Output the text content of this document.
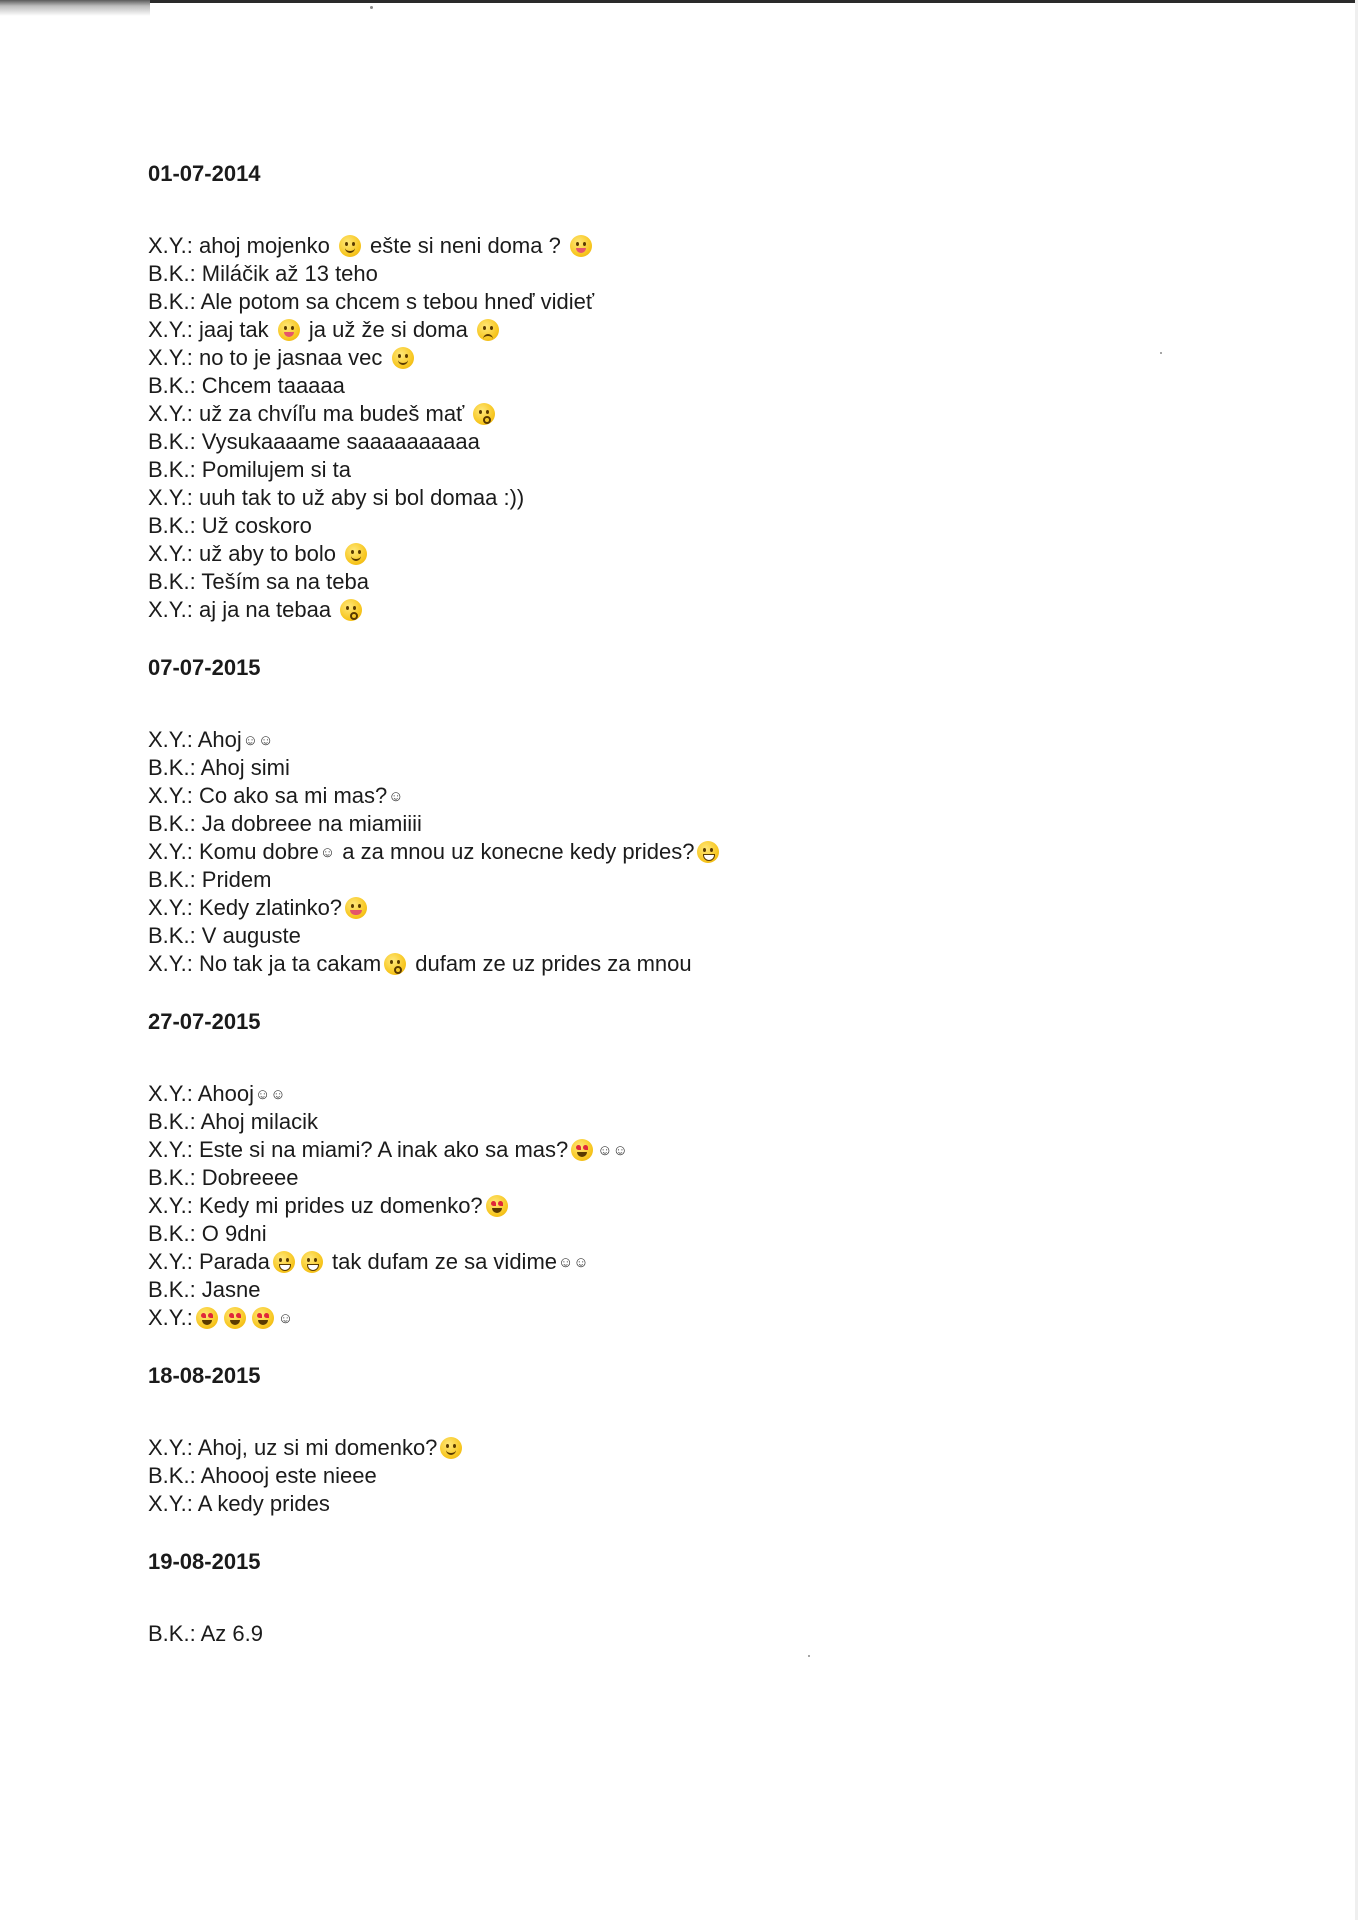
01-07-2014
X.Y.: ahoj mojenko  ešte si neni doma ?
B.K.: Miláčik až 13 teho
B.K.: Ale potom sa chcem s tebou hneď vidieť
X.Y.: jaaj tak  ja už že si doma
X.Y.: no to je jasnaa vec
B.K.: Chcem taaaaa
X.Y.: už za chvíľu ma budeš mať
B.K.: Vysukaaaame saaaaaaaaaa
B.K.: Pomilujem si ta
X.Y.: uuh tak to už aby si bol domaa :))
B.K.: Už coskoro
X.Y.: už aby to bolo
B.K.: Teším sa na teba
X.Y.: aj ja na tebaa
07-07-2015
X.Y.: Ahoj☺☺
B.K.: Ahoj simi
X.Y.: Co ako sa mi mas?☺
B.K.: Ja dobreee na miamiiii
X.Y.: Komu dobre☺ a za mnou uz konecne kedy prides?
B.K.: Pridem
X.Y.: Kedy zlatinko?
B.K.: V auguste
X.Y.: No tak ja ta cakam dufam ze uz prides za mnou
27-07-2015
X.Y.: Ahooj☺☺
B.K.: Ahoj milacik
X.Y.: Este si na miami? A inak ako sa mas?☺☺
B.K.: Dobreeee
X.Y.: Kedy mi prides uz domenko?
B.K.: O 9dni
X.Y.: Parada	tak dufam ze sa vidime☺☺
B.K.: Jasne
X.Y.:	☺
18-08-2015
X.Y.: Ahoj, uz si mi domenko?
B.K.: Ahooој este nieee
X.Y.: A kedy prides
19-08-2015
B.K.: Az 6.9
